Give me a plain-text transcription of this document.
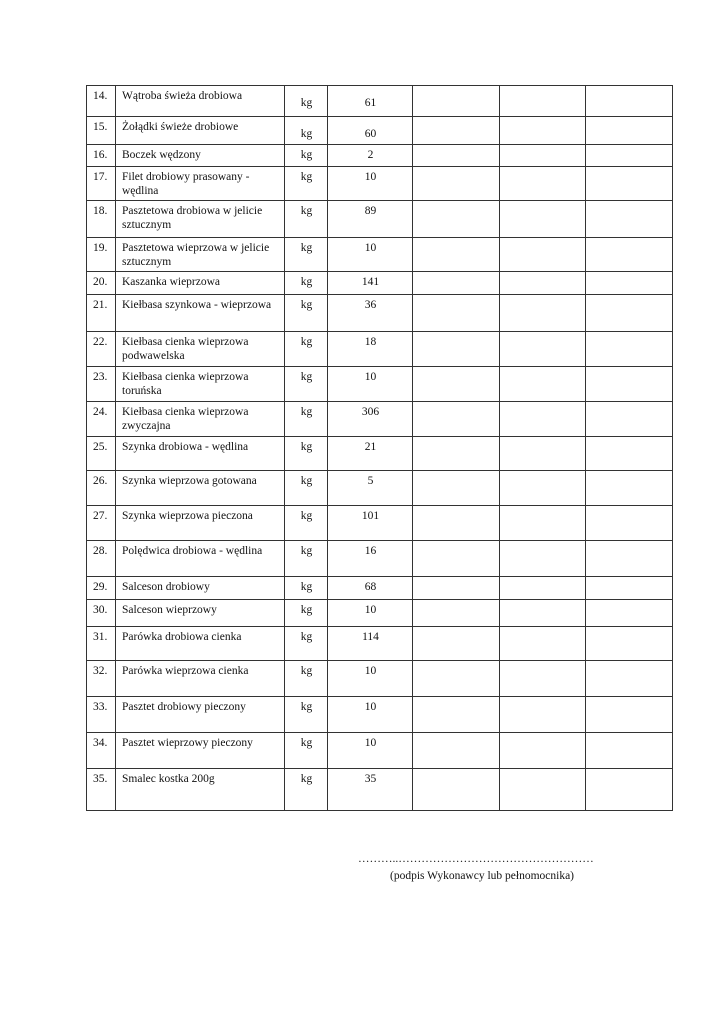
14.	Wątroba świeża drobiowa	kg	61			
15.	Żołądki świeże drobiowe	kg	60			
16.	Boczek wędzony	kg	2			
17.	Filet drobiowy prasowany - wędlina	kg	10			
18.	Pasztetowa drobiowa w jelicie sztucznym	kg	89			
19.	Pasztetowa wieprzowa w jelicie sztucznym	kg	10			
20.	Kaszanka wieprzowa	kg	141			
21.	Kiełbasa szynkowa - wieprzowa	kg	36			
22.	Kiełbasa cienka wieprzowa podwawelska	kg	18			
23.	Kiełbasa cienka wieprzowa toruńska	kg	10			
24.	Kiełbasa cienka wieprzowa zwyczajna	kg	306			
25.	Szynka drobiowa - wędlina	kg	21			
26.	Szynka wieprzowa gotowana	kg	5			
27.	Szynka wieprzowa pieczona	kg	101			
28.	Polędwica drobiowa - wędlina	kg	16			
29.	Salceson drobiowy	kg	68			
30.	Salceson wieprzowy	kg	10			
31.	Parówka drobiowa cienka	kg	114			
32.	Parówka wieprzowa cienka	kg	10			
33.	Pasztet drobiowy pieczony	kg	10			
34.	Pasztet wieprzowy pieczony	kg	10			
35.	Smalec kostka 200g	kg	35			
………..……………………………………………
(podpis Wykonawcy lub pełnomocnika)
